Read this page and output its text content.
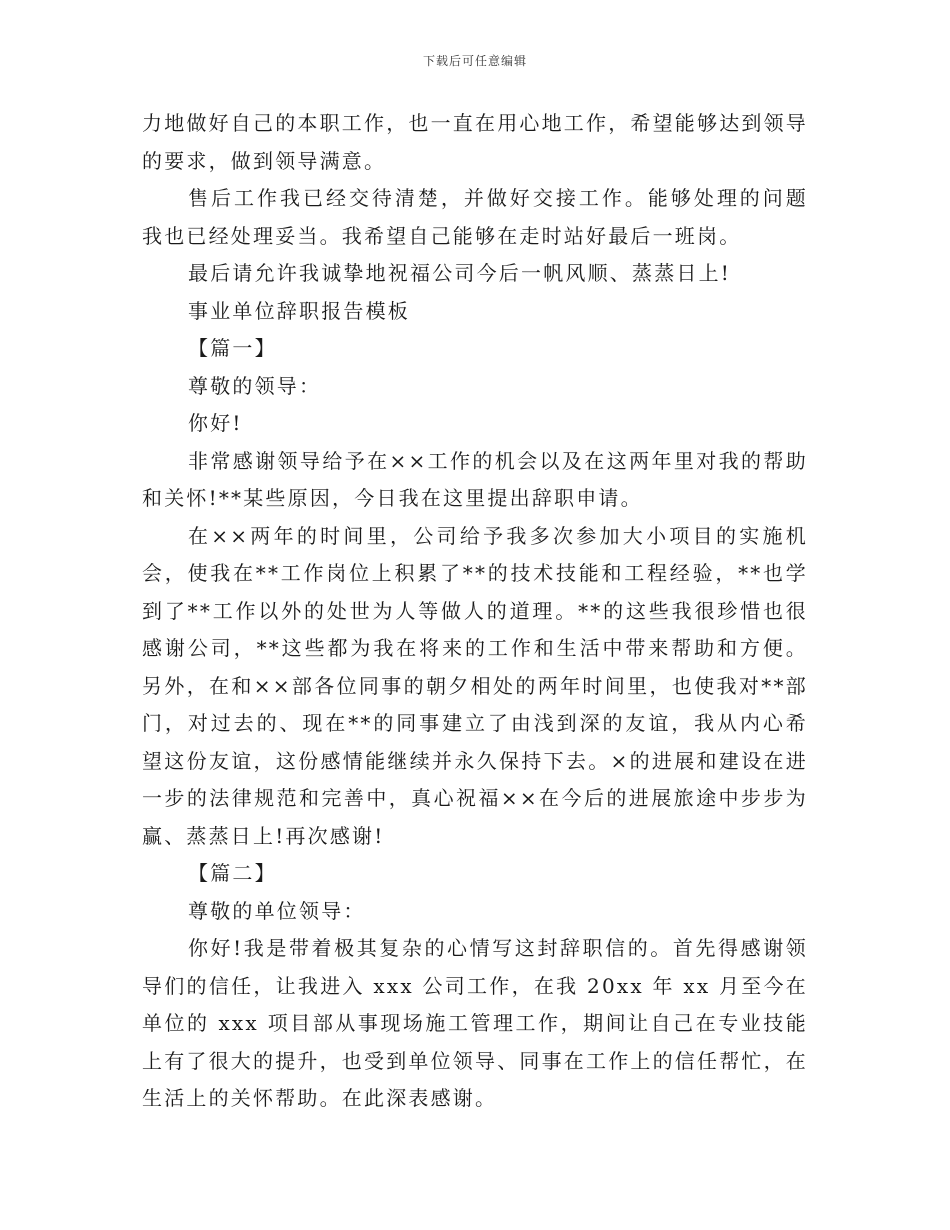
下载后可任意编辑

力地做好自己的本职工作，也一直在用心地工作，希望能够达到领导的要求，做到领导满意。

售后工作我已经交待清楚，并做好交接工作。能够处理的问题我也已经处理妥当。我希望自己能够在走时站好最后一班岗。

最后请允许我诚挚地祝福公司今后一帆风顺、蒸蒸日上!

事业单位辞职报告模板

【篇一】

尊敬的领导：

你好!

非常感谢领导给予在××工作的机会以及在这两年里对我的帮助和关怀!**某些原因，今日我在这里提出辞职申请。

在××两年的时间里，公司给予我多次参加大小项目的实施机会，使我在**工作岗位上积累了**的技术技能和工程经验，**也学到了**工作以外的处世为人等做人的道理。**的这些我很珍惜也很感谢公司，**这些都为我在将来的工作和生活中带来帮助和方便。 另外，在和××部各位同事的朝夕相处的两年时间里，也使我对**部门，对过去的、现在**的同事建立了由浅到深的友谊，我从内心希望这份友谊，这份感情能继续并永久保持下去。×的进展和建设在进一步的法律规范和完善中，真心祝福××在今后的进展旅途中步步为赢、蒸蒸日上!再次感谢!

【篇二】

尊敬的单位领导：

你好!我是带着极其复杂的心情写这封辞职信的。首先得感谢领导们的信任，让我进入 xxx 公司工作，在我 20xx 年 xx 月至今在单位的 xxx 项目部从事现场施工管理工作，期间让自己在专业技能上有了很大的提升，也受到单位领导、同事在工作上的信任帮忙，在生活上的关怀帮助。在此深表感谢。
